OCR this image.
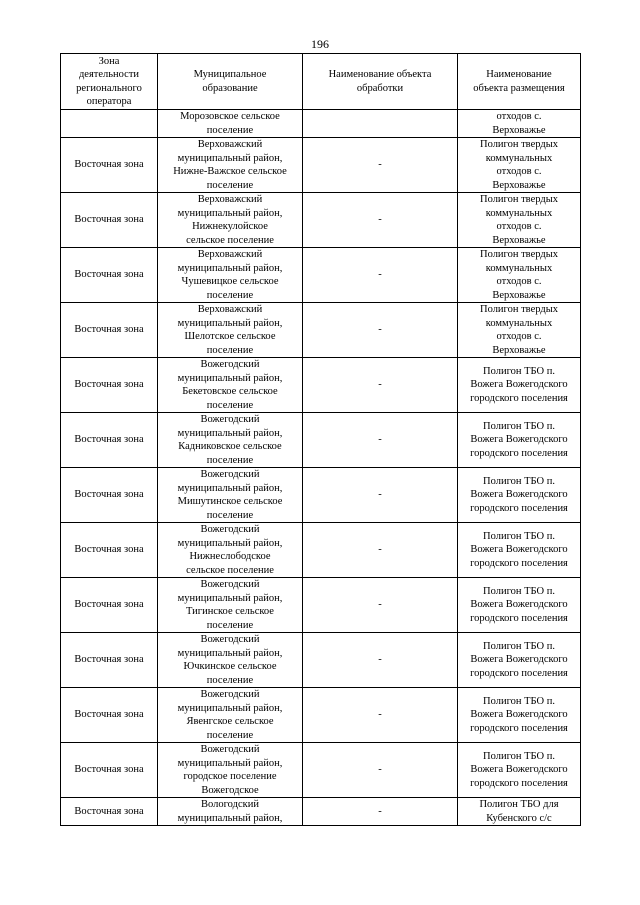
196
Зона
деятельности
регионального
оператора	Муниципальное
образование	Наименование объекта
обработки	Наименование
объекта размещения

	Морозовское сельское
поселение		отходов с.
Верховажье

Восточная зона	Верховажский
муниципальный район,
Нижне-Важское сельское
поселение	-	Полигон твердых
коммунальных
отходов с.
Верховажье

Восточная зона	Верховажский
муниципальный район,
Нижнекулойское
сельское поселение	-	Полигон твердых
коммунальных
отходов с.
Верховажье

Восточная зона	Верховажский
муниципальный район,
Чушевицкое сельское
поселение	-	Полигон твердых
коммунальных
отходов с.
Верховажье

Восточная зона	Верховажский
муниципальный район,
Шелотское сельское
поселение	-	Полигон твердых
коммунальных
отходов с.
Верховажье

Восточная зона	Вожегодский
муниципальный район,
Бекетовское сельское
поселение	-	Полигон ТБО п.
Вожега Вожегодского
городского поселения

Восточная зона	Вожегодский
муниципальный район,
Кадниковское сельское
поселение	-	Полигон ТБО п.
Вожега Вожегодского
городского поселения

Восточная зона	Вожегодский
муниципальный район,
Мишутинское сельское
поселение	-	Полигон ТБО п.
Вожега Вожегодского
городского поселения

Восточная зона	Вожегодский
муниципальный район,
Нижнеслободское
сельское поселение	-	Полигон ТБО п.
Вожега Вожегодского
городского поселения

Восточная зона	Вожегодский
муниципальный район,
Тигинское сельское
поселение	-	Полигон ТБО п.
Вожега Вожегодского
городского поселения

Восточная зона	Вожегодский
муниципальный район,
Ючкинское сельское
поселение	-	Полигон ТБО п.
Вожега Вожегодского
городского поселения

Восточная зона	Вожегодский
муниципальный район,
Явенгское сельское
поселение	-	Полигон ТБО п.
Вожега Вожегодского
городского поселения

Восточная зона	Вожегодский
муниципальный район,
городское поселение
Вожегодское	-	Полигон ТБО п.
Вожега Вожегодского
городского поселения

Восточная зона	Вологодский
муниципальный район,	-	Полигон ТБО для
Кубенского с/с
